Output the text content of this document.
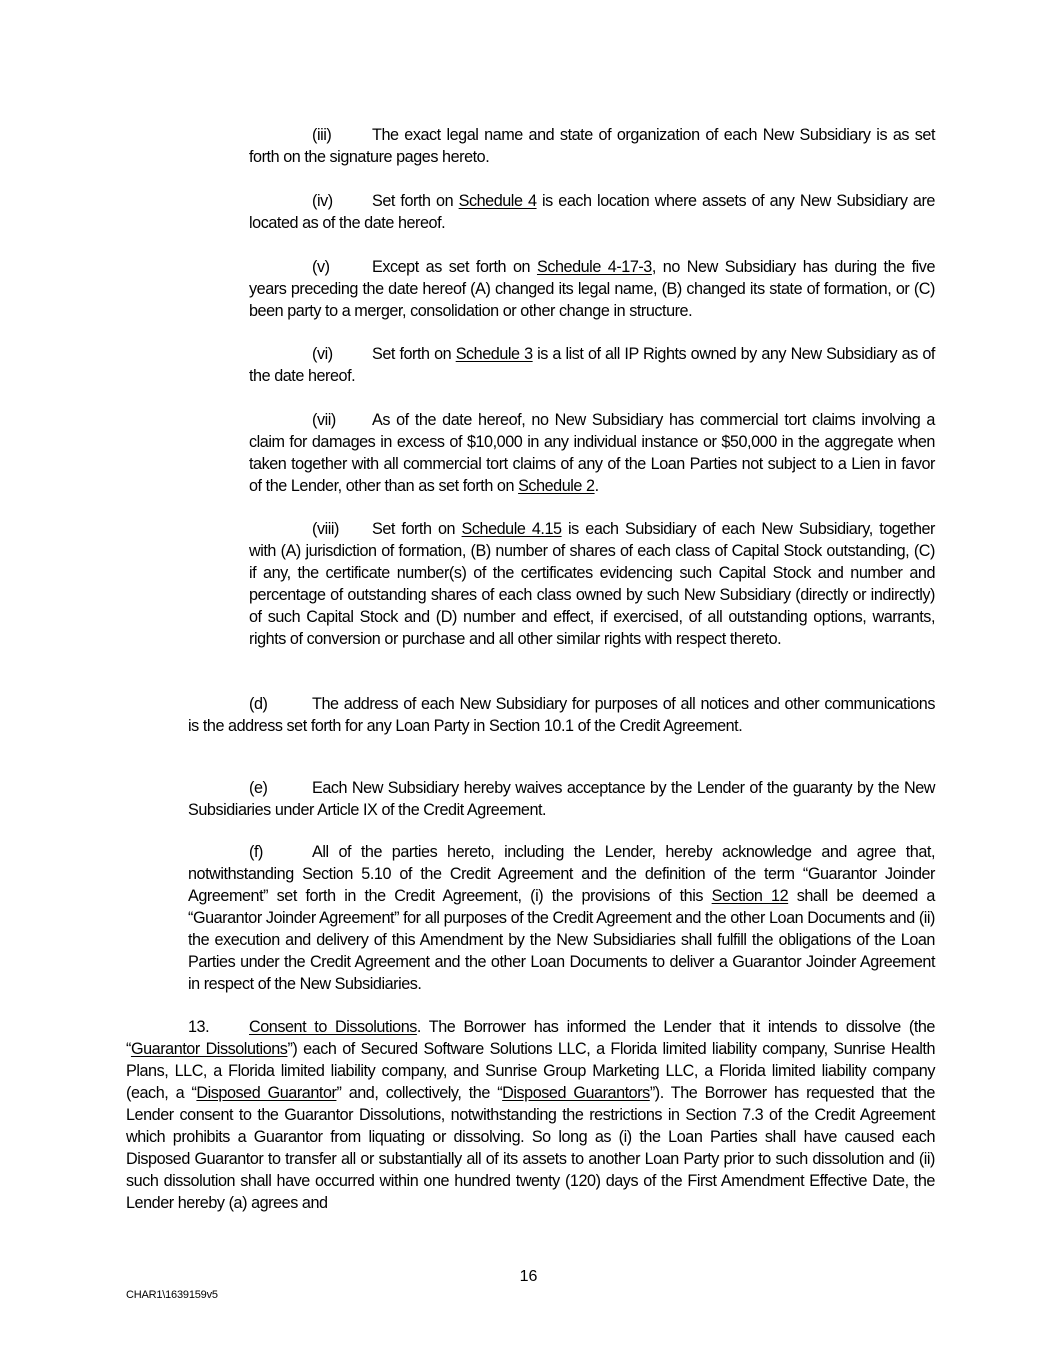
(iii)	The exact legal name and state of organization of each New Subsidiary is as set forth on the signature pages hereto.
(iv) Set forth on Schedule 4 is each location where assets of any New Subsidiary are located as of the date hereof.
(v)	Except as set forth on Schedule 4-17-3, no New Subsidiary has during the five years preceding the date hereof (A) changed its legal name, (B) changed its state of formation, or (C) been party to a merger, consolidation or other change in structure.
(vi) Set forth on Schedule 3 is a list of all IP Rights owned by any New Subsidiary as of the date hereof.
(vii) As of the date hereof, no New Subsidiary has commercial tort claims involving a claim for damages in excess of $10,000 in any individual instance or $50,000 in the aggregate when taken together with all commercial tort claims of any of the Loan Parties not subject to a Lien in favor of the Lender, other than as set forth on Schedule 2.
(viii) Set forth on Schedule 4.15 is each Subsidiary of each New Subsidiary, together with (A) jurisdiction of formation, (B) number of shares of each class of Capital Stock outstanding, (C) if any, the certificate number(s) of the certificates evidencing such Capital Stock and number and percentage of outstanding shares of each class owned by such New Subsidiary (directly or indirectly) of such Capital Stock and (D) number and effect, if exercised, of all outstanding options, warrants, rights of conversion or purchase and all other similar rights with respect thereto.
(d)	The address of each New Subsidiary for purposes of all notices and other communications is the address set forth for any Loan Party in Section 10.1 of the Credit Agreement.
(e)	Each New Subsidiary hereby waives acceptance by the Lender of the guaranty by the New Subsidiaries under Article IX of the Credit Agreement.
(f)	All of the parties hereto, including the Lender, hereby acknowledge and agree that, notwithstanding Section 5.10 of the Credit Agreement and the definition of the term “Guarantor Joinder Agreement” set forth in the Credit Agreement, (i) the provisions of this Section 12 shall be deemed a “Guarantor Joinder Agreement” for all purposes of the Credit Agreement and the other Loan Documents and (ii) the execution and delivery of this Amendment by the New Subsidiaries shall fulfill the obligations of the Loan Parties under the Credit Agreement and the other Loan Documents to deliver a Guarantor Joinder Agreement in respect of the New Subsidiaries.
13. Consent to Dissolutions. The Borrower has informed the Lender that it intends to dissolve (the “Guarantor Dissolutions”) each of Secured Software Solutions LLC, a Florida limited liability company, Sunrise Health Plans, LLC, a Florida limited liability company, and Sunrise Group Marketing LLC, a Florida limited liability company (each, a “Disposed Guarantor” and, collectively, the “Disposed Guarantors”). The Borrower has requested that the Lender consent to the Guarantor Dissolutions, notwithstanding the restrictions in Section 7.3 of the Credit Agreement which prohibits a Guarantor from liquating or dissolving. So long as (i) the Loan Parties shall have caused each Disposed Guarantor to transfer all or substantially all of its assets to another Loan Party prior to such dissolution and (ii) such dissolution shall have occurred within one hundred twenty (120) days of the First Amendment Effective Date, the Lender hereby (a) agrees and
16
CHAR1\1639159v5
